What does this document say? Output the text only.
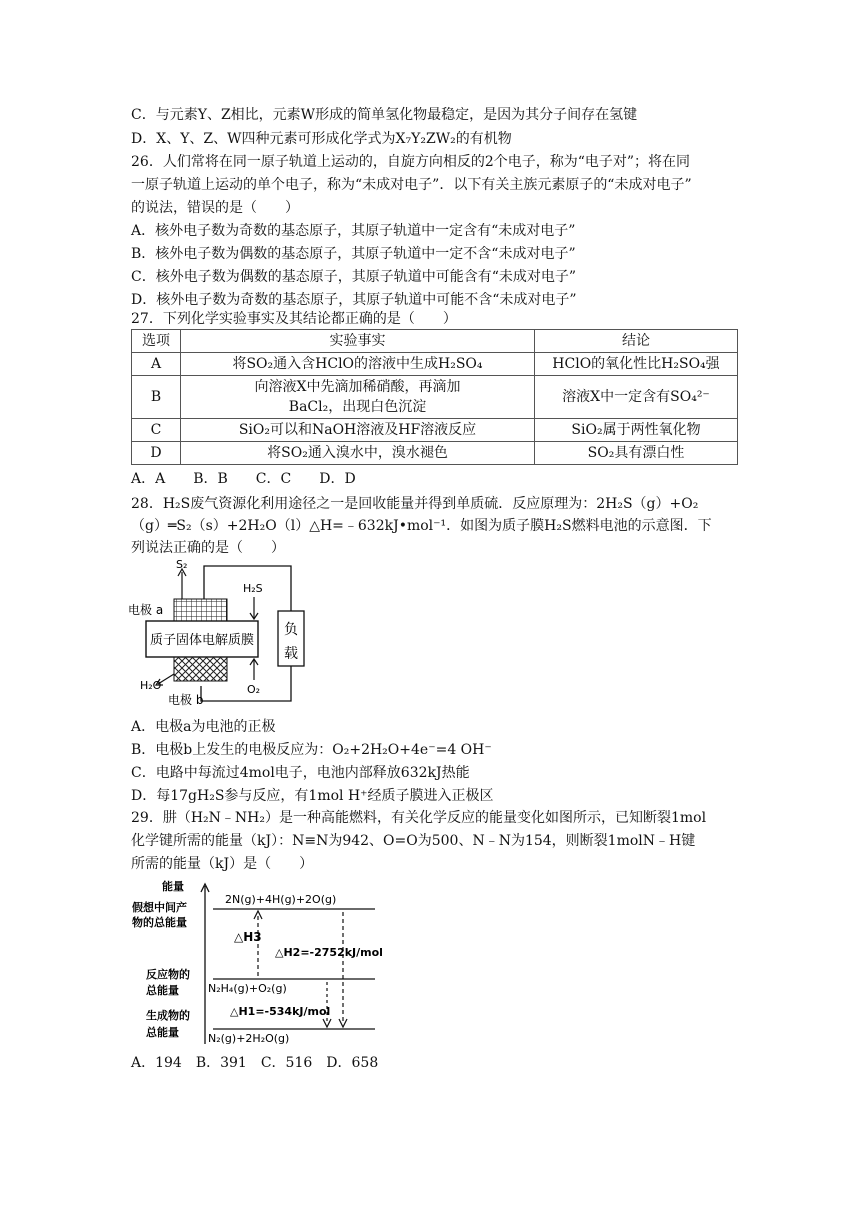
C．与元素Y、Z相比，元素W形成的简单氢化物最稳定，是因为其分子间存在氢键
D．X、Y、Z、W四种元素可形成化学式为X₇Y₂ZW₂的有机物
26．人们常将在同一原子轨道上运动的，自旋方向相反的2个电子，称为“电子对”；将在同
一原子轨道上运动的单个电子，称为“未成对电子”．以下有关主族元素原子的“未成对电子”
的说法，错误的是（　　）
A．核外电子数为奇数的基态原子，其原子轨道中一定含有“未成对电子”
B．核外电子数为偶数的基态原子，其原子轨道中一定不含“未成对电子”
C．核外电子数为偶数的基态原子，其原子轨道中可能含有“未成对电子”
D．核外电子数为奇数的基态原子，其原子轨道中可能不含“未成对电子”
27．下列化学实验事实及其结论都正确的是（　　）
选项	实验事实	结论
A	将SO₂通入含HClO的溶液中生成H₂SO₄	HClO的氧化性比H₂SO₄强
B	向溶液X中先滴加稀硝酸，再滴加BaCl₂，出现白色沉淀	溶液X中一定含有SO₄²⁻
C	SiO₂可以和NaOH溶液及HF溶液反应	SiO₂属于两性氧化物
D	将SO₂通入溴水中，溴水褪色	SO₂具有漂白性
A．A　　B．B　　C．C　　D．D
28．H₂S废气资源化利用途径之一是回收能量并得到单质硫．反应原理为：2H₂S（g）+O₂
（g）═S₂（s）+2H₂O（l）△H=﹣632kJ•mol⁻¹．如图为质子膜H₂S燃料电池的示意图．下
列说法正确的是（　　）
负
载
质子固体电解质膜
S₂
H₂S
电极 a
H₂O
电极 b
O₂
A．电极a为电池的正极
B．电极b上发生的电极反应为：O₂+2H₂O+4e⁻=4 OH⁻
C．电路中每流过4mol电子，电池内部释放632kJ热能
D．每17gH₂S参与反应，有1mol H⁺经质子膜进入正极区
29．肼（H₂N﹣NH₂）是一种高能燃料，有关化学反应的能量变化如图所示，已知断裂1mol
化学键所需的能量（kJ）：N≡N为942、O=O为500、N﹣N为154，则断裂1molN﹣H键
所需的能量（kJ）是（　　）
能量
假想中间产
物的总能量
反应物的
总能量
生成物的
总能量
2N(g)+4H(g)+2O(g)
N₂H₄(g)+O₂(g)
N₂(g)+2H₂O(g)
△H3
△H2=-2752kJ/mol
△H1=-534kJ/mol
A．194　B．391　C．516　D．658
